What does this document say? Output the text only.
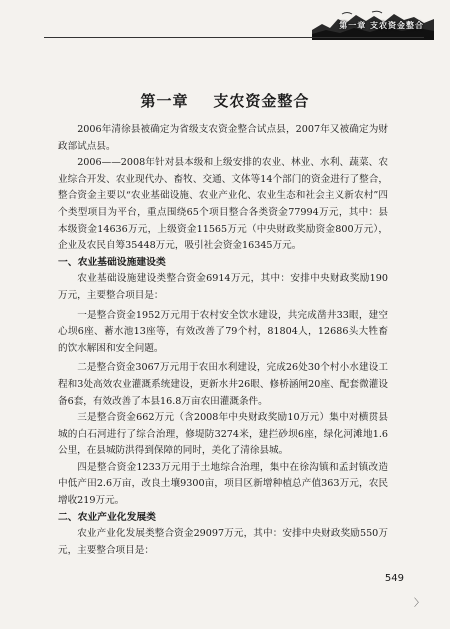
第一章 支农资金整合
第一章    支农资金整合

2006年清徐县被确定为省级支农资金整合试点县，2007年又被确定为财政部试点县。

2006——2008年针对县本级和上级安排的农业、林业、水利、蔬菜、农业综合开发、农业现代办、畜牧、交通、文体等14个部门的资金进行了整合，整合资金主要以“农业基础设施、农业产业化、农业生态和社会主义新农村”四个类型项目为平台，重点围绕65个项目整合各类资金77994万元，其中：县本级资金14636万元，上级资金11565万元（中央财政奖励资金800万元），企业及农民自筹35448万元，吸引社会资金16345万元。

一、农业基础设施建设类

农业基础设施建设类整合资金6914万元，其中：安排中央财政奖励190万元，主要整合项目是：

一是整合资金1952万元用于农村安全饮水建设，共完成凿井33眼，建空心坝6座、蓄水池13座等，有效改善了79个村，81804人，12686头大牲畜的饮水解困和安全问题。

二是整合资金3067万元用于农田水利建设，完成26处30个村小水建设工程和3处高效农业灌溉系统建设，更新水井26眼、修桥涵闸20座、配套微灌设备6套，有效改善了本县16.8万亩农田灌溉条件。

三是整合资金662万元（含2008年中央财政奖励10万元）集中对横贯县城的白石河进行了综合治理，修堤防3274米，建拦砂坝6座，绿化河滩地1.6公里，在县城防洪得到保障的同时，美化了清徐县城。

四是整合资金1233万元用于土地综合治理，集中在徐沟镇和孟封镇改造中低产田2.6万亩，改良土壤9300亩，项目区新增种植总产值363万元，农民增收219万元。

二、农业产业化发展类

农业产业化发展类整合资金29097万元，其中：安排中央财政奖励550万元，主要整合项目是：

549
〉
